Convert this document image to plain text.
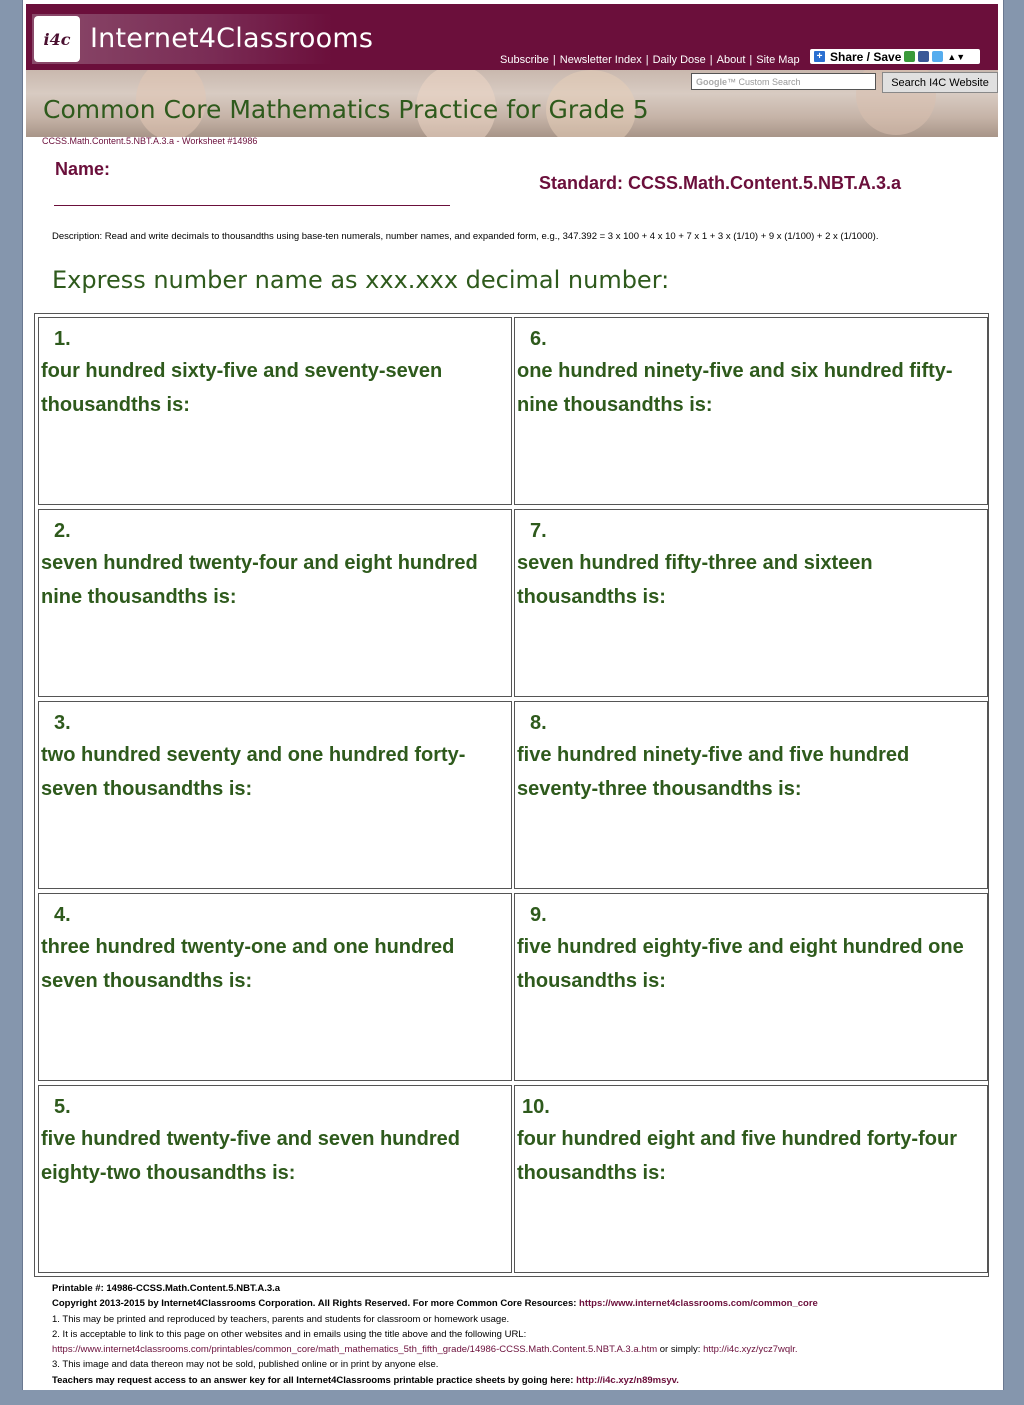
i4c Internet4Classrooms
Subscribe | Newsletter Index | Daily Dose | About | Site Map	+ Share / Save	▲▼
Common Core Mathematics Practice for Grade 5
Google™ Custom Search	Search I4C Website
CCSS.Math.Content.5.NBT.A.3.a - Worksheet #14986
Name:
Standard: CCSS.Math.Content.5.NBT.A.3.a
Description: Read and write decimals to thousandths using base-ten numerals, number names, and expanded form, e.g., 347.392 = 3 x 100 + 4 x 10 + 7 x 1 + 3 x (1/10) + 9 x (1/100) + 2 x (1/1000).
Express number name as xxx.xxx decimal number:
1.
four hundred sixty-five and seventy-seven thousandths is:
2.
seven hundred twenty-four and eight hundred nine thousandths is:
3.
two hundred seventy and one hundred forty-seven thousandths is:
4.
three hundred twenty-one and one hundred seven thousandths is:
5.
five hundred twenty-five and seven hundred eighty-two thousandths is:
6.
one hundred ninety-five and six hundred fifty-nine thousandths is:
7.
seven hundred fifty-three and sixteen thousandths is:
8.
five hundred ninety-five and five hundred seventy-three thousandths is:
9.
five hundred eighty-five and eight hundred one thousandths is:
10.
four hundred eight and five hundred forty-four thousandths is:
Printable #: 14986-CCSS.Math.Content.5.NBT.A.3.a
Copyright 2013-2015 by Internet4Classrooms Corporation. All Rights Reserved. For more Common Core Resources: https://www.internet4classrooms.com/common_core
1. This may be printed and reproduced by teachers, parents and students for classroom or homework usage.
2. It is acceptable to link to this page on other websites and in emails using the title above and the following URL:
https://www.internet4classrooms.com/printables/common_core/math_mathematics_5th_fifth_grade/14986-CCSS.Math.Content.5.NBT.A.3.a.htm or simply: http://i4c.xyz/ycz7wqlr.
3. This image and data thereon may not be sold, published online or in print by anyone else.
Teachers may request access to an answer key for all Internet4Classrooms printable practice sheets by going here: http://i4c.xyz/n89msyv.
